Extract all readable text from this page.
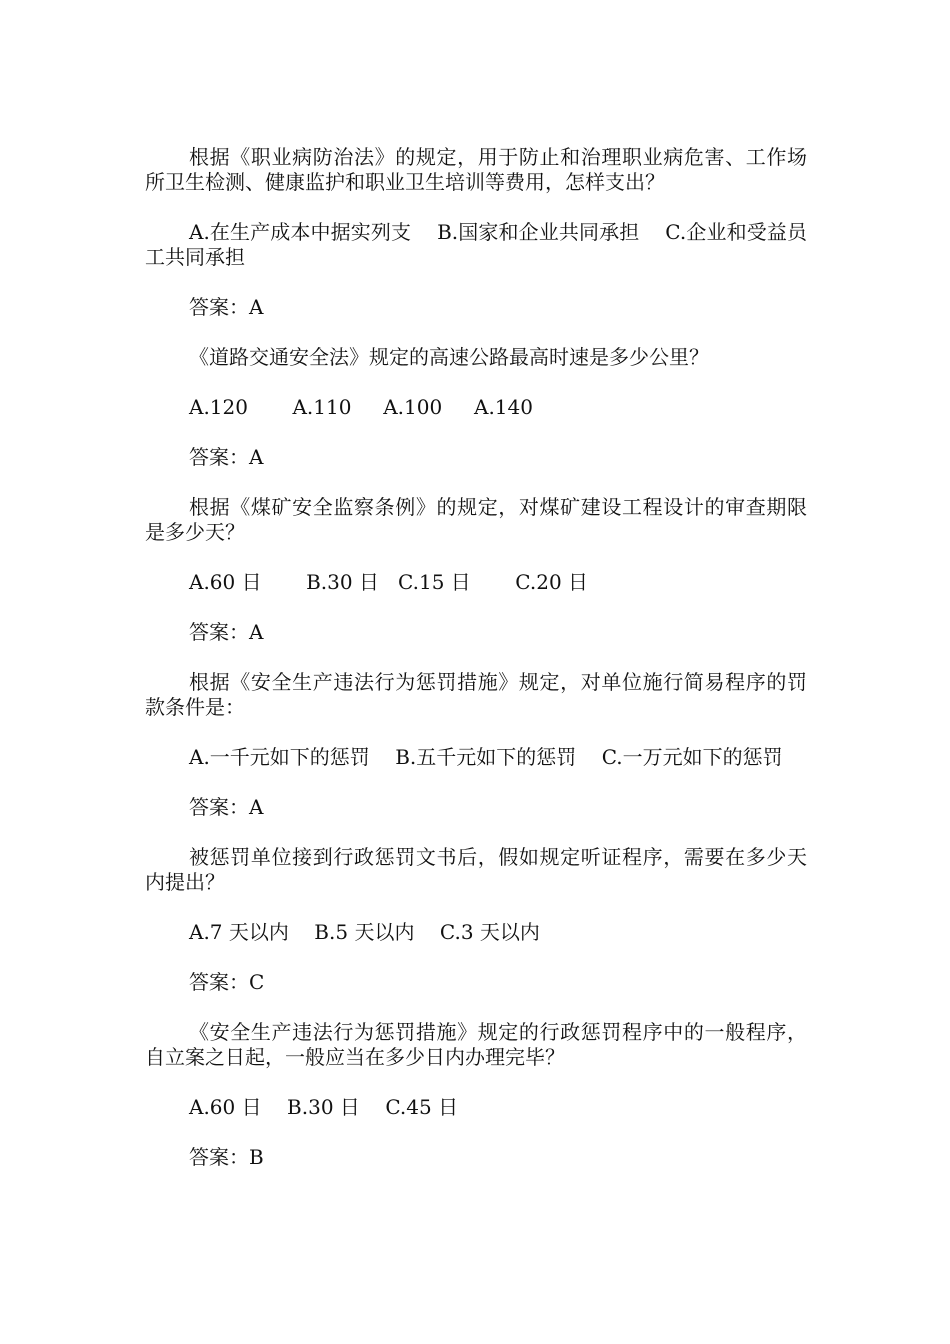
根据《职业病防治法》的规定，用于防止和治理职业病危害、工作场所卫生检测、健康监护和职业卫生培训等费用，怎样支出？

A.在生产成本中据实列支    B.国家和企业共同承担    C.企业和受益员工共同承担

答案：A

《道路交通安全法》规定的高速公路最高时速是多少公里？

A.120       A.110     A.100     A.140

答案：A

根据《煤矿安全监察条例》的规定，对煤矿建设工程设计的审查期限是多少天？

A.60 日       B.30 日   C.15 日       C.20 日

答案：A

根据《安全生产违法行为惩罚措施》规定，对单位施行简易程序的罚款条件是：

A.一千元如下的惩罚    B.五千元如下的惩罚    C.一万元如下的惩罚

答案：A

被惩罚单位接到行政惩罚文书后，假如规定听证程序，需要在多少天内提出？

A.7 天以内    B.5 天以内    C.3 天以内

答案：C

《安全生产违法行为惩罚措施》规定的行政惩罚程序中的一般程序，自立案之日起，一般应当在多少日内办理完毕？

A.60 日    B.30 日    C.45 日

答案：B
